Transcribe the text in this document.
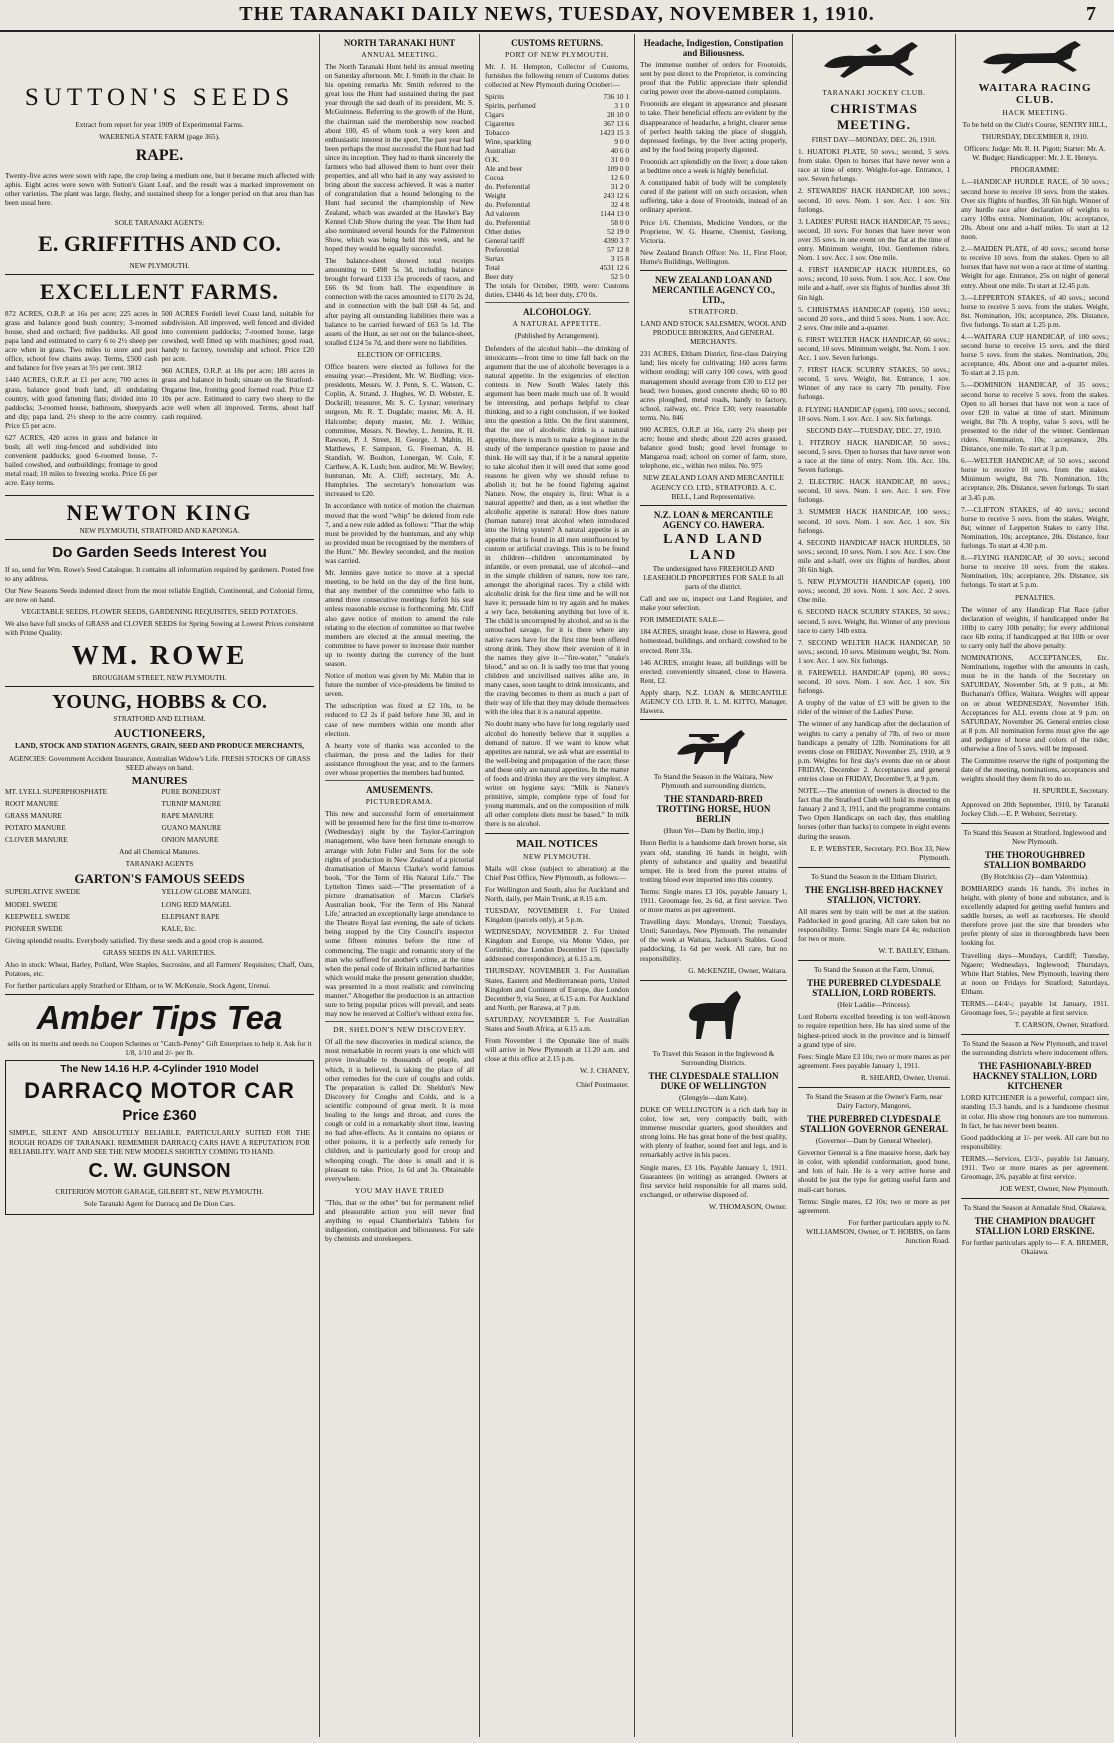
THE TARANAKI DAILY NEWS, TUESDAY, NOVEMBER 1, 1910.	7
SUTTON'S SEEDS

Extract from report for year 1909 of Experimental Farms.

WAERENGA STATE FARM (page 365).

RAPE.

Twenty-five acres were sown with rape, the crop being a medium one, but it became much affected with aphis. Eight acres were sown with Sutton's Giant Leaf, and the result was a marked improvement on other varieties. The plant was large, fleshy, and sustained sheep for a longer period on that area than has been usual here.

SOLE TARANAKI AGENTS:

E. GRIFFITHS AND CO.

NEW PLYMOUTH.

EXCELLENT FARMS.

872 ACRES, O.R.P. at 16s per acre; 225 acres in grass and balance good bush country; 3-roomed house, shed and orchard; five paddocks. All good papa land and estimated to carry 6 to 2½ sheep per acre when in grass. Two miles to store and post office, school few chains away. Terms, £500 cash and balance for five years at 5½ per cent. 3812

1440 ACRES, O.R.P. at £1 per acre; 700 acres in grass, balance good bush land, all undulating country, with good fattening flats; divided into 10 paddocks; 3-roomed house, bathroom, sheepyards and dip; papa land, 2½ sheep to the acre country. Price £5 per acre.

627 ACRES, 420 acres in grass and balance in bush; all well ring-fenced and subdivided into convenient paddocks; good 6-roomed house, 7-bailed cowshed, and outbuildings; frontage to good metal road; 10 miles to freezing works. Price £6 per acre. Easy terms.

500 ACRES Fordell level Coast land, suitable for subdivision. All improved, well fenced and divided into convenient paddocks; 7-roomed house, large cowshed, well fitted up with machines; good road, handy to factory, township and school. Price £20 per acre.

960 ACRES, O.R.P. at 18s per acre; 180 acres in grass and balance in bush; situate on the Stratford-Ongarue line, fronting good formed road. Price £2 10s per acre. Estimated to carry two sheep to the acre well when all improved. Terms, about half cash required.

NEWTON KING

NEW PLYMOUTH, STRATFORD AND KAPONGA.

Do Garden Seeds Interest You

If so, send for Wm. Rowe's Seed Catalogue. It contains all information required by gardeners. Posted free to any address.

Our New Seasons Seeds indented direct from the most reliable English, Continental, and Colonial firms, are now on hand.

VEGETABLE SEEDS, FLOWER SEEDS, GARDENING REQUISITES, SEED POTATOES.

We also have full stocks of GRASS and CLOVER SEEDS for Spring Sowing at Lowest Prices consistent with Prime Quality.

WM. ROWE

BROUGHAM STREET, NEW PLYMOUTH.

YOUNG, HOBBS & CO.

STRATFORD AND ELTHAM.

AUCTIONEERS,

LAND, STOCK AND STATION AGENTS, GRAIN, SEED AND PRODUCE MERCHANTS,

AGENCIES: Government Accident Insurance, Australian Widow's Life. FRESH STOCKS OF GRASS SEED always on hand.

MANURES

MT. LYELL SUPERPHOSPHATE

ROOT MANURE

GRASS MANURE

POTATO MANURE

CLOVER MANURE

PURE BONEDUST

TURNIP MANURE

RAPE MANURE

GUANO MANURE

ONION MANURE

And all Chemical Manures.

TARANAKI AGENTS

GARTON'S FAMOUS SEEDS

SUPERLATIVE SWEDE

MODEL SWEDE

KEEPWELL SWEDE

PIONEER SWEDE

YELLOW GLOBE MANGEL

LONG RED MANGEL

ELEPHANT RAPE

KALE, Etc.

Giving splendid results. Everybody satisfied. Try these seeds and a good crop is assured.

GRASS SEEDS IN ALL VARIETIES.

Also in stock: Wheat, Barley, Pollard, Wire Staples, Sucrosine, and all Farmers' Requisites; Chaff, Oats, Potatoes, etc.

For further particulars apply Stratford or Eltham, or to W. McKenzie, Stock Agent, Urenui.

Amber Tips Tea

sells on its merits and needs no Coupon Schemes or "Catch-Penny" Gift Enterprises to help it. Ask for it 1/8, 1/10 and 2/- per lb.

The New 14.16 H.P. 4-Cylinder 1910 Model
DARRACQ MOTOR CAR
Price £360

SIMPLE, SILENT AND ABSOLUTELY RELIABLE. PARTICULARLY SUITED FOR THE ROUGH ROADS OF TARANAKI. REMEMBER DARRACQ CARS HAVE A REPUTATION FOR RELIABILITY. WAIT AND SEE THE NEW MODELS SHORTLY COMING TO HAND.

C. W. GUNSON

CRITERION MOTOR GARAGE, GILBERT ST., NEW PLYMOUTH.

Sole Taranaki Agent for Darracq and De Dion Cars.

NORTH TARANAKI HUNT
ANNUAL MEETING.

The North Taranaki Hunt held its annual meeting on Saturday afternoon. Mr. J. Smith in the chair. In his opening remarks Mr. Smith referred to the great loss the Hunt had sustained during the past year through the sad death of its president, Mr. S. McGuinness. Referring to the growth of the Hunt, the chairman said the membership now reached about 100, 45 of whom took a very keen and enthusiastic interest in the sport. The past year had been perhaps the most successful the Hunt had had since its inception. They had to thank sincerely the farmers who had allowed them to hunt over their properties, and all who had in any way assisted to bring about the success achieved. It was a matter of congratulation that a hound belonging to the Hunt had secured the championship of New Zealand, which was awarded at the Hawke's Bay Kennel Club Show during the year. The Hunt had also nominated several hounds for the Palmerston Show, which was being held this week, and he hoped they would be equally successful.

The balance-sheet showed total receipts amounting to £498 5s 3d, including balance brought forward £133 15s proceeds of races, and £66 0s 9d from ball. The expenditure in connection with the races amounted to £170 2s 2d, and in connection with the ball £68 4s 5d, and after paying all outstanding liabilities there was a balance to be carried forward of £63 5s 1d. The assets of the Hunt, as set out on the balance-sheet, totalled £124 5s 7d, and there were no liabilities.

ELECTION OF OFFICERS.

Office bearers were elected as follows for the ensuing year:—President, Mr. W. Birdling; vice-presidents, Messrs. W. J. Penn, S. C. Watson, C. Coplin, A. Strand, J. Hughes, W. D. Webster, E. Dockrill; treasurer, Mr. S. C. Lysnar; veterinary surgeon, Mr. R. T. Dugdale; master, Mr. A. H. Halcombe; deputy master, Mr. J. Wilkie; committee, Messrs. N. Bewley, L. Jennins, R. H. Rawson, P. J. Street, H. George, J. Mabin, H. Matthews, F. Sampson, G. Freeman, A. H. Standish, W. Boulton, Lonergan, W. Cole, F. Carthew, A. K. Lush; hon. auditor, Mr. W. Bewley; huntsman, Mr. A. Cliff; secretary, Mr. A. Humphries. The secretary's honorarium was increased to £20.

In accordance with notice of motion the chairman moved that the word "whip" be deleted from rule 7, and a new rule added as follows: "That the whip must be provided by the huntsman, and any whip so provided must be recognised by the members of the Hunt." Mr. Bewley seconded, and the motion was carried.

Mr. Jennins gave notice to move at a special meeting, to be held on the day of the first hunt, that any member of the committee who fails to attend three consecutive meetings forfeit his seat unless reasonable excuse is forthcoming. Mr. Cliff also gave notice of motion to amend the rule relating to the election of committee so that twelve members are elected at the annual meeting, the committee to have power to increase their number up to twenty during the currency of the hunt season.

Notice of motion was given by Mr. Mabin that in future the number of vice-presidents be limited to seven.

The subscription was fixed at £2 10s, to be reduced to £2 2s if paid before June 30, and in case of new members within one month after election.

A hearty vote of thanks was accorded to the chairman, the press and the ladies for their assistance throughout the year, and to the farmers over whose properties the members had hunted.

AMUSEMENTS.
PICTUREDRAMA.

This new and successful form of entertainment will be presented here for the first time to-morrow (Wednesday) night by the Taylor-Carrington management, who have been fortunate enough to arrange with John Fuller and Sons for the sole rights of production in New Zealand of a pictorial dramatisation of Marcus Clarke's world famous book, "For the Term of His Natural Life." The Lyttelton Times said:—"The presentation of a picture dramatisation of Marcus Clarke's Australian book, 'For the Term of His Natural Life,' attracted an exceptionally large attendance to the Theatre Royal last evening, the sale of tickets being stopped by the City Council's inspector some fifteen minutes before the time of commencing. The tragic and romantic story of the man who suffered for another's crime, at the time when the penal code of Britain inflicted barbarities which would make the present generation shudder, was presented in a most realistic and convincing manner." Altogether the production is an attraction sure to bring popular prices will prevail, and seats may now be reserved at Collier's without extra fee.

DR. SHELDON'S NEW DISCOVERY.

Of all the new discoveries in medical science, the most remarkable in recent years is one which will prove invaluable to thousands of people, and which, it is believed, is taking the place of all other remedies for the cure of coughs and colds. The preparation is called Dr. Sheldon's New Discovery for Coughs and Colds, and is a scientific compound of great merit. It is most healing to the lungs and throat, and cures the cough or cold in a remarkably short time, leaving no bad after-effects. As it contains no opiates or other poisons, it is a perfectly safe remedy for children, and is particularly good for croup and whooping cough. The dose is small and it is pleasant to take. Price, 1s 6d and 3s. Obtainable everywhere.

YOU MAY HAVE TRIED

"This, that or the other" but for permanent relief and pleasurable action you will never find anything to equal Chamberlain's Tablets for indigestion, constipation and biliousness. For sale by chemists and storekeepers.

CUSTOMS RETURNS.
PORT OF NEW PLYMOUTH.

Mr. J. H. Hempton, Collector of Customs, furnishes the following return of Customs duties collected at New Plymouth during October:—

Spirits	736 10 1
Spirits, perfumed	3 1 0
Cigars	28 10 0
Cigarettes	367 13 6
Tobacco	1423 15 3
Wine, sparkling	9 0 0
Australian	40 6 0
O.K.	31 0 0
Ale and beer	109 0 0
Cocoa	12 6 0
do. Preferential	31 2 0
Weight	243 12 6
do. Preferential	32 4 8
Ad valorem	1144 13 0
do. Preferential	58 0 0
Other duties	52 19 0
General tariff	4390 3 7
Preferential	57 12 8
Surtax	3 15 8
Total	4531 12 6
Beer duty	52 5 0

The totals for October, 1909, were: Customs duties, £3446 4s 1d; beer duty, £70 0s.

ALCOHOLOGY.
A NATURAL APPETITE.

(Published by Arrangement).

Defenders of the alcohol habit—the drinking of intoxicants—from time to time fall back on the argument that the use of alcoholic beverages is a natural appetite. In the exigencies of election contests in New South Wales lately this argument has been made much use of. It would be interesting, and perhaps helpful to clear thinking, and to a right conclusion, if we looked into the question a little. On the first statement, that the use of alcoholic drink is a natural appetite, there is much to make a beginner in the study of the temperance question to pause and think. He will say that, if it be a natural appetite to take alcohol then it will need that some good reasons be given why we should refuse to abolish it; but he be found fighting against Nature. Now, the enquiry is, first: What is a natural appetite? and then, as a test whether the alcoholic appetite is natural: How does nature (human nature) treat alcohol when introduced into the living system? A natural appetite is an appetite that is found in all men uninfluenced by custom or artificial cravings. This is to be found in children—children uncontaminated by infantile, or even prenatal, use of alcohol—and in the simple children of nature, now too rare, amongst the aboriginal races. Try a child with alcoholic drink for the first time and he will not have it; persuade him to try again and he makes a wry face, betokening anything but love of it. The child is uncorrupted by alcohol, and so is the untouched savage, for it is there where any native races have for the first time been offered strong drink. They show their aversion of it in the names they give it—"fire-water," "snake's blood," and so on. It is sadly too true that young children and uncivilised natives alike are, in many cases, soon taught to drink intoxicants, and the craving becomes to them as much a part of their way of life that they may delude themselves with the idea that it is a natural appetite.

No doubt many who have for long regularly used alcohol do honestly believe that it supplies a demand of nature. If we want to know what appetites are natural, we ask what are essential to the well-being and propagation of the race; these and these only are natural appetites. In the matter of foods and drinks they are the very simplest. A writer on hygiene says: "Milk is Nature's primitive, simple, complete type of food for young mammals, and on the composition of milk all other complete diets must be based." In milk there is no alcohol.

MAIL NOTICES
NEW PLYMOUTH.

Mails will close (subject to alteration) at the Chief Post Office, New Plymouth, as follows:—

For Wellington and South, also for Auckland and North, daily, per Main Trunk, at 8.15 a.m.

TUESDAY, NOVEMBER 1. For United Kingdom (parcels only), at 5 p.m.

WEDNESDAY, NOVEMBER 2. For United Kingdom and Europe, via Monte Video, per Corinthic, due London December 15 (specially addressed correspondence), at 6.15 a.m.

THURSDAY, NOVEMBER 3. For Australian States, Eastern and Mediterranean ports, United Kingdom and Continent of Europe, due London December 9, via Suez, at 6.15 a.m. For Auckland and North, per Rarawa, at 7 p.m.

SATURDAY, NOVEMBER 5. For Australian States and South Africa, at 6.15 a.m.

From November 1 the Opunake line of mails will arrive in New Plymouth at 11.20 a.m. and close at this office at 2.15 p.m.

W. J. CHANEY,
Chief Postmaster.
Headache, Indigestion, Constipation and Biliousness.

The immense number of orders for Frootoids, sent by post direct to the Proprietor, is convincing proof that the Public appreciate their splendid curing power over the above-named complaints.

Frootoids are elegant in appearance and pleasant to take. Their beneficial effects are evident by the disappearance of headache, a bright, clearer sense of perfect health taking the place of sluggish, depressed feelings, by the liver acting properly, and by the food being properly digested.

Frootoids act splendidly on the liver; a dose taken at bedtime once a week is highly beneficial.

A constipated habit of body will be completely cured if the patient will on such occasion, when suffering, take a dose of Frootoids, instead of an ordinary aperient.

Price 1/6. Chemists, Medicine Vendors, or the Proprietor, W. G. Hearne, Chemist, Geelong, Victoria.

New Zealand Branch Office: No. 11, First Floor, Hume's Buildings, Wellington.

NEW ZEALAND LOAN AND MERCANTILE AGENCY CO., LTD.,
STRATFORD.

LAND AND STOCK SALESMEN, WOOL AND PRODUCE BROKERS, And GENERAL MERCHANTS.

231 ACRES, Eltham District, first-class Dairying land; lies nicely for cultivating; 160 acres farms without eroding; will carry 100 cows, with good management should average from £30 to £12 per head; two houses, good concrete sheds; 60 to 80 acres ploughed, metal roads, handy to factory, school, railway, etc. Price £30; very reasonable terms. No. 846

900 ACRES, O.R.P. at 16s, carry 2½ sheep per acre; house and sheds; about 220 acres grassed, balance good bush; good level frontage to Mangaroa road; school on corner of farm, store, telephone, etc., within two miles. No. 975

NEW ZEALAND LOAN AND MERCANTILE AGENCY CO. LTD., STRATFORD. A. C. BELL, Land Representative.

N.Z. LOAN & MERCANTILE AGENCY CO. HAWERA.
LAND LAND LAND

The undersigned have FREEHOLD AND LEASEHOLD PROPERTIES FOR SALE In all parts of the district.

Call and see us, inspect our Land Register, and make your selection.

FOR IMMEDIATE SALE—

184 ACRES, straight lease, close to Hawera, good homestead, buildings, and orchard; cowshed to be erected. Rent 33s.

146 ACRES, straight lease, all buildings will be erected; conveniently situated, close to Hawera. Rent, £2.

Apply sharp, N.Z. LOAN & MERCANTILE AGENCY CO. LTD. R. L. M. KITTO, Manager, Hawera.

To Stand the Season in the Waitara, New Plymouth and surrounding districts,

THE STANDARD-BRED TROTTING HORSE, HUON BERLIN

(Huon Yet—Dam by Berlin, imp.)

Huon Berlin is a handsome dark brown horse, six years old, standing 16 hands in height, with plenty of substance and quality and beautiful temper. He is bred from the purest strains of trotting blood ever imported into this country.

Terms: Single mares £3 10s, payable January 1, 1911. Groomage fee, 2s 6d, at first service. Two or more mares as per agreement.

Travelling days: Mondays, Urenui; Tuesdays, Uruti; Saturdays, New Plymouth. The remainder of the week at Waitara, Jackson's Stables. Good paddocking, 1s 6d per week. All care, but no responsibility.

G. McKENZIE, Owner, Waitara.

To Travel this Season in the Inglewood & Surrounding Districts.

THE CLYDESDALE STALLION DUKE OF WELLINGTON

(Glengyle—dam Kate).

DUKE OF WELLINGTON is a rich dark bay in color, low set, very compactly built, with immense muscular quarters, good shoulders and strong loins. He has great bone of the best quality, with plenty of feather, sound feet and legs, and is remarkably active in his paces.

Single mares, £3 10s. Payable January 1, 1911. Guarantees (in writing) as arranged. Owners at first service held responsible for all mares sold, exchanged, or otherwise disposed of.

W. THOMASON, Owner.
TARANAKI JOCKEY CLUB.
CHRISTMAS MEETING.

FIRST DAY—MONDAY, DEC. 26, 1910.

1. HUATOKI PLATE, 50 sovs.; second, 5 sovs. from stake. Open to horses that have never won a race at time of entry. Weight-for-age. Entrance, 1 sov. Seven furlongs.

2. STEWARDS' HACK HANDICAP, 100 sovs.; second, 10 sovs. Nom. 1 sov. Acc. 1 sov. Six furlongs.

3. LADIES' PURSE HACK HANDICAP, 75 sovs.; second, 10 sovs. For horses that have never won over 35 sovs. in one event on the flat at the time of entry. Minimum weight, 10st. Gentlemen riders. Nom. 1 sov. Acc. 1 sov. One mile.

4. FIRST HANDICAP HACK HURDLES, 60 sovs.; second, 10 sovs. Nom. 1 sov. Acc. 1 sov. One mile and a-half, over six flights of hurdles about 3ft 6in high.

5. CHRISTMAS HANDICAP (open), 150 sovs.; second 20 sovs., and third 5 sovs. Nom. 1 sov. Acc. 2 sovs. One mile and a-quarter.

6. FIRST WELTER HACK HANDICAP, 60 sovs.; second, 10 sovs. Minimum weight, 9st. Nom. 1 sov. Acc. 1 sov. Seven furlongs.

7. FIRST HACK SCURRY STAKES, 50 sovs.; second, 5 sovs. Weight, 8st. Entrance, 1 sov. Winner of any race to carry 7lb penalty. Five furlongs.

8. FLYING HANDICAP (open), 100 sovs.; second, 10 sovs. Nom. 1 sov. Acc. 1 sov. Six furlongs.

SECOND DAY—TUESDAY, DEC. 27, 1910.

1. FITZROY HACK HANDICAP, 50 sovs.; second, 5 sovs. Open to horses that have never won a race at the time of entry. Nom. 10s. Acc. 10s. Seven furlongs.

2. ELECTRIC HACK HANDICAP, 80 sovs.; second, 10 sovs. Nom. 1 sov. Acc. 1 sov. Five furlongs.

3. SUMMER HACK HANDICAP, 100 sovs.; second, 10 sovs. Nom. 1 sov. Acc. 1 sov. Six furlongs.

4. SECOND HANDICAP HACK HURDLES, 50 sovs.; second, 10 sovs. Nom. 1 sov. Acc. 1 sov. One mile and a-half, over six flights of hurdles, about 3ft 6in high.

5. NEW PLYMOUTH HANDICAP (open), 100 sovs.; second, 20 sovs. Nom. 1 sov. Acc. 2 sovs. One mile.

6. SECOND HACK SCURRY STAKES, 50 sovs.; second, 5 sovs. Weight, 8st. Winner of any previous race to carry 14lb extra.

7. SECOND WELTER HACK HANDICAP, 50 sovs.; second, 10 sovs. Minimum weight, 9st. Nom. 1 sov. Acc. 1 sov. Six furlongs.

8. FAREWELL HANDICAP (open), 80 sovs.; second, 10 sovs. Nom. 1 sov. Acc. 1 sov. Six furlongs.

A trophy of the value of £3 will be given to the rider of the winner of the Ladies' Purse.

The winner of any handicap after the declaration of weights to carry a penalty of 7lb, of two or more handicaps a penalty of 12lb. Nominations for all events close on FRIDAY, November 25, 1910, at 9 p.m. Weights for first day's events due on or about FRIDAY, December 2. Acceptances and general entries close on FRIDAY, December 9, at 9 p.m.

NOTE.—The attention of owners is directed to the fact that the Stratford Club will hold its meeting on January 2 and 3, 1911, and the programme contains Two Open Handicaps on each day, thus enabling horses (other than hacks) to compete in eight events during the season.

E. P. WEBSTER, Secretary. P.O. Box 33, New Plymouth.

To Stand the Season in the Eltham District,

THE ENGLISH-BRED HACKNEY STALLION, VICTORY.

All mares sent by train will be met at the station. Paddocked in good grazing. All care taken but no responsibility. Terms: Single mare £4 4s; reduction for two or more.

W. T. BAILEY, Eltham.

To Stand the Season at the Farm, Urenui,

THE PUREBRED CLYDESDALE STALLION, LORD ROBERTS.

(Heir Laddie—Princess).

Lord Roberts excelled breeding is too well-known to require repetition here. He has sired some of the highest-priced stock in the province and is himself a grand type of sire.

Fees: Single Mare £3 10s; two or more mares as per agreement. Fees payable January 1, 1911.

R. SHEARD, Owner, Urenui.

To Stand the Season at the Owner's Farm, near Dairy Factory, Mangorei,

THE PUREBRED CLYDESDALE STALLION GOVERNOR GENERAL

(Governor—Dam by General Wheeler).

Governor General is a fine massive horse, dark bay in color, with splendid conformation, good bone, and lots of hair. He is a very active horse and should be just the type for getting useful farm and mail-cart horses.

Terms: Single mares, £2 10s; two or more as per agreement.

For further particulars apply to N. WILLIAMSON, Owner, or T. HOBBS, on farm Junction Road.
WAITARA RACING CLUB.
HACK MEETING.

To be held on the Club's Course, SENTRY HILL,

THURSDAY, DECEMBER 8, 1910.

Officers: Judge: Mr. R. H. Pigott; Starter: Mr. A. W. Budget; Handicapper: Mr. J. E. Henrys.

PROGRAMME:

1.—HANDICAP HURDLE RACE, of 50 sovs.; second horse to receive 10 sovs. from the stakes. Over six flights of hurdles, 3ft 6in high. Winner of any hurdle race after declaration of weights to carry 10lbs extra. Nomination, 10s; acceptance, 20s. About one and a-half miles. To start at 12 noon.

2.—MAIDEN PLATE, of 40 sovs.; second horse to receive 10 sovs. from the stakes. Open to all horses that have not won a race at time of starting. Weight for age. Entrance, 25s on night of general entry. About one mile. To start at 12.45 p.m.

3.—LEPPERTON STAKES, of 40 sovs.; second horse to receive 5 sovs. from the stakes. Weight, 8st. Nomination, 10s; acceptance, 20s. Distance, five furlongs. To start at 1.25 p.m.

4.—WAITARA CUP HANDICAP, of 100 sovs.; second horse to receive 15 sovs. and the third horse 5 sovs. from the stakes. Nomination, 20s; acceptance, 40s. About one and a-quarter miles. To start at 2.15 p.m.

5.—DOMINION HANDICAP, of 35 sovs.; second horse to receive 5 sovs. from the stakes. Open to all horses that have not won a race of over £20 in value at time of start. Minimum weight, 8st 7lb. A trophy, value 5 sovs, will be presented to the rider of the winner. Gentleman riders. Nomination, 10s; acceptance, 20s. Distance, one mile. To start at 3 p.m.

6.—WELTER HANDICAP, of 50 sovs.; second horse to receive 10 sovs. from the stakes. Minimum weight, 8st 7lb. Nomination, 10s; acceptance, 20s. Distance, seven furlongs. To start at 3.45 p.m.

7.—CLIFTON STAKES, of 40 sovs.; second horse to receive 5 sovs. from the stakes. Weight, 8st; winner of Lepperton Stakes to carry 10st. Nomination, 10s; acceptance, 20s. Distance, four furlongs. To start at 4.30 p.m.

8.—FLYING HANDICAP, of 30 sovs.; second horse to receive 10 sovs. from the stakes. Nomination, 10s; acceptance, 20s. Distance, six furlongs. To start at 5 p.m.

PENALTIES.

The winner of any Handicap Flat Race (after declaration of weights, if handicapped under 8st 10lb) to carry 10lb penalty; for every additional race 6lb extra; if handicapped at 8st 10lb or over to carry only half the above penalty.

NOMINATIONS, ACCEPTANCES, Etc. Nominations, together with the amounts in cash, must be in the hands of the Secretary on SATURDAY, November 5th, at 9 p.m., at Mr. Buchanan's Office, Waitara. Weights will appear on or about WEDNESDAY, November 16th. Acceptances for ALL events close at 9 p.m. on SATURDAY, November 26. General entries close at 8 p.m. All nomination forms must give the age and pedigree of horse and colors of the rider, otherwise a fine of 5 sovs. will be imposed.

The Committee reserve the right of postponing the date of the meeting, nominations, acceptances and weights should they deem fit to do so.

H. SPURDLE, Secretary.

Approved on 20th September, 1910, by Taranaki Jockey Club.—E. P. Webster, Secretary.

To Stand this Season at Stratford, Inglewood and New Plymouth.

THE THOROUGHBRED STALLION BOMBARDO

(By Hotchkiss (2)—dam Valentinia).

BOMBARDO stands 16 hands, 3½ inches in height, with plenty of bone and substance, and is excellently adapted for getting useful hunters and saddle horses, as well as racehorses. He should therefore prove just the sire that breeders who prefer plenty of size in thoroughbreds have been looking for.

Travelling days—Mondays, Cardiff; Tuesday, Ngaere; Wednesdays, Inglewood; Thursdays, White Hart Stables, New Plymouth, leaving there at noon on Fridays for Stratford; Saturdays, Eltham.

TERMS.—£4/4/-; payable 1st January, 1911. Groomage fees, 5/-; payable at first service.

T. CARSON, Owner, Stratford.

To Stand the Season at New Plymouth, and travel the surrounding districts where inducement offers.

THE FASHIONABLY-BRED HACKNEY STALLION, LORD KITCHENER

LORD KITCHENER is a powerful, compact sire, standing 15.3 hands, and is a handsome chestnut in color. His show ring honours are too numerous. In fact, he has never been beaten.

Good paddocking at 1/- per week. All care but no responsibility.

TERMS.—Services, £3/3/-, payable 1st January, 1911. Two or more mares as per agreement. Groomage, 2/6, payable at first service.

JOE WEST, Owner, New Plymouth.

To Stand the Season at Armadale Stud, Okaiawa,

THE CHAMPION DRAUGHT STALLION LORD ERSKINE.

For further particulars apply to— F. A. BREMER, Okaiawa.
